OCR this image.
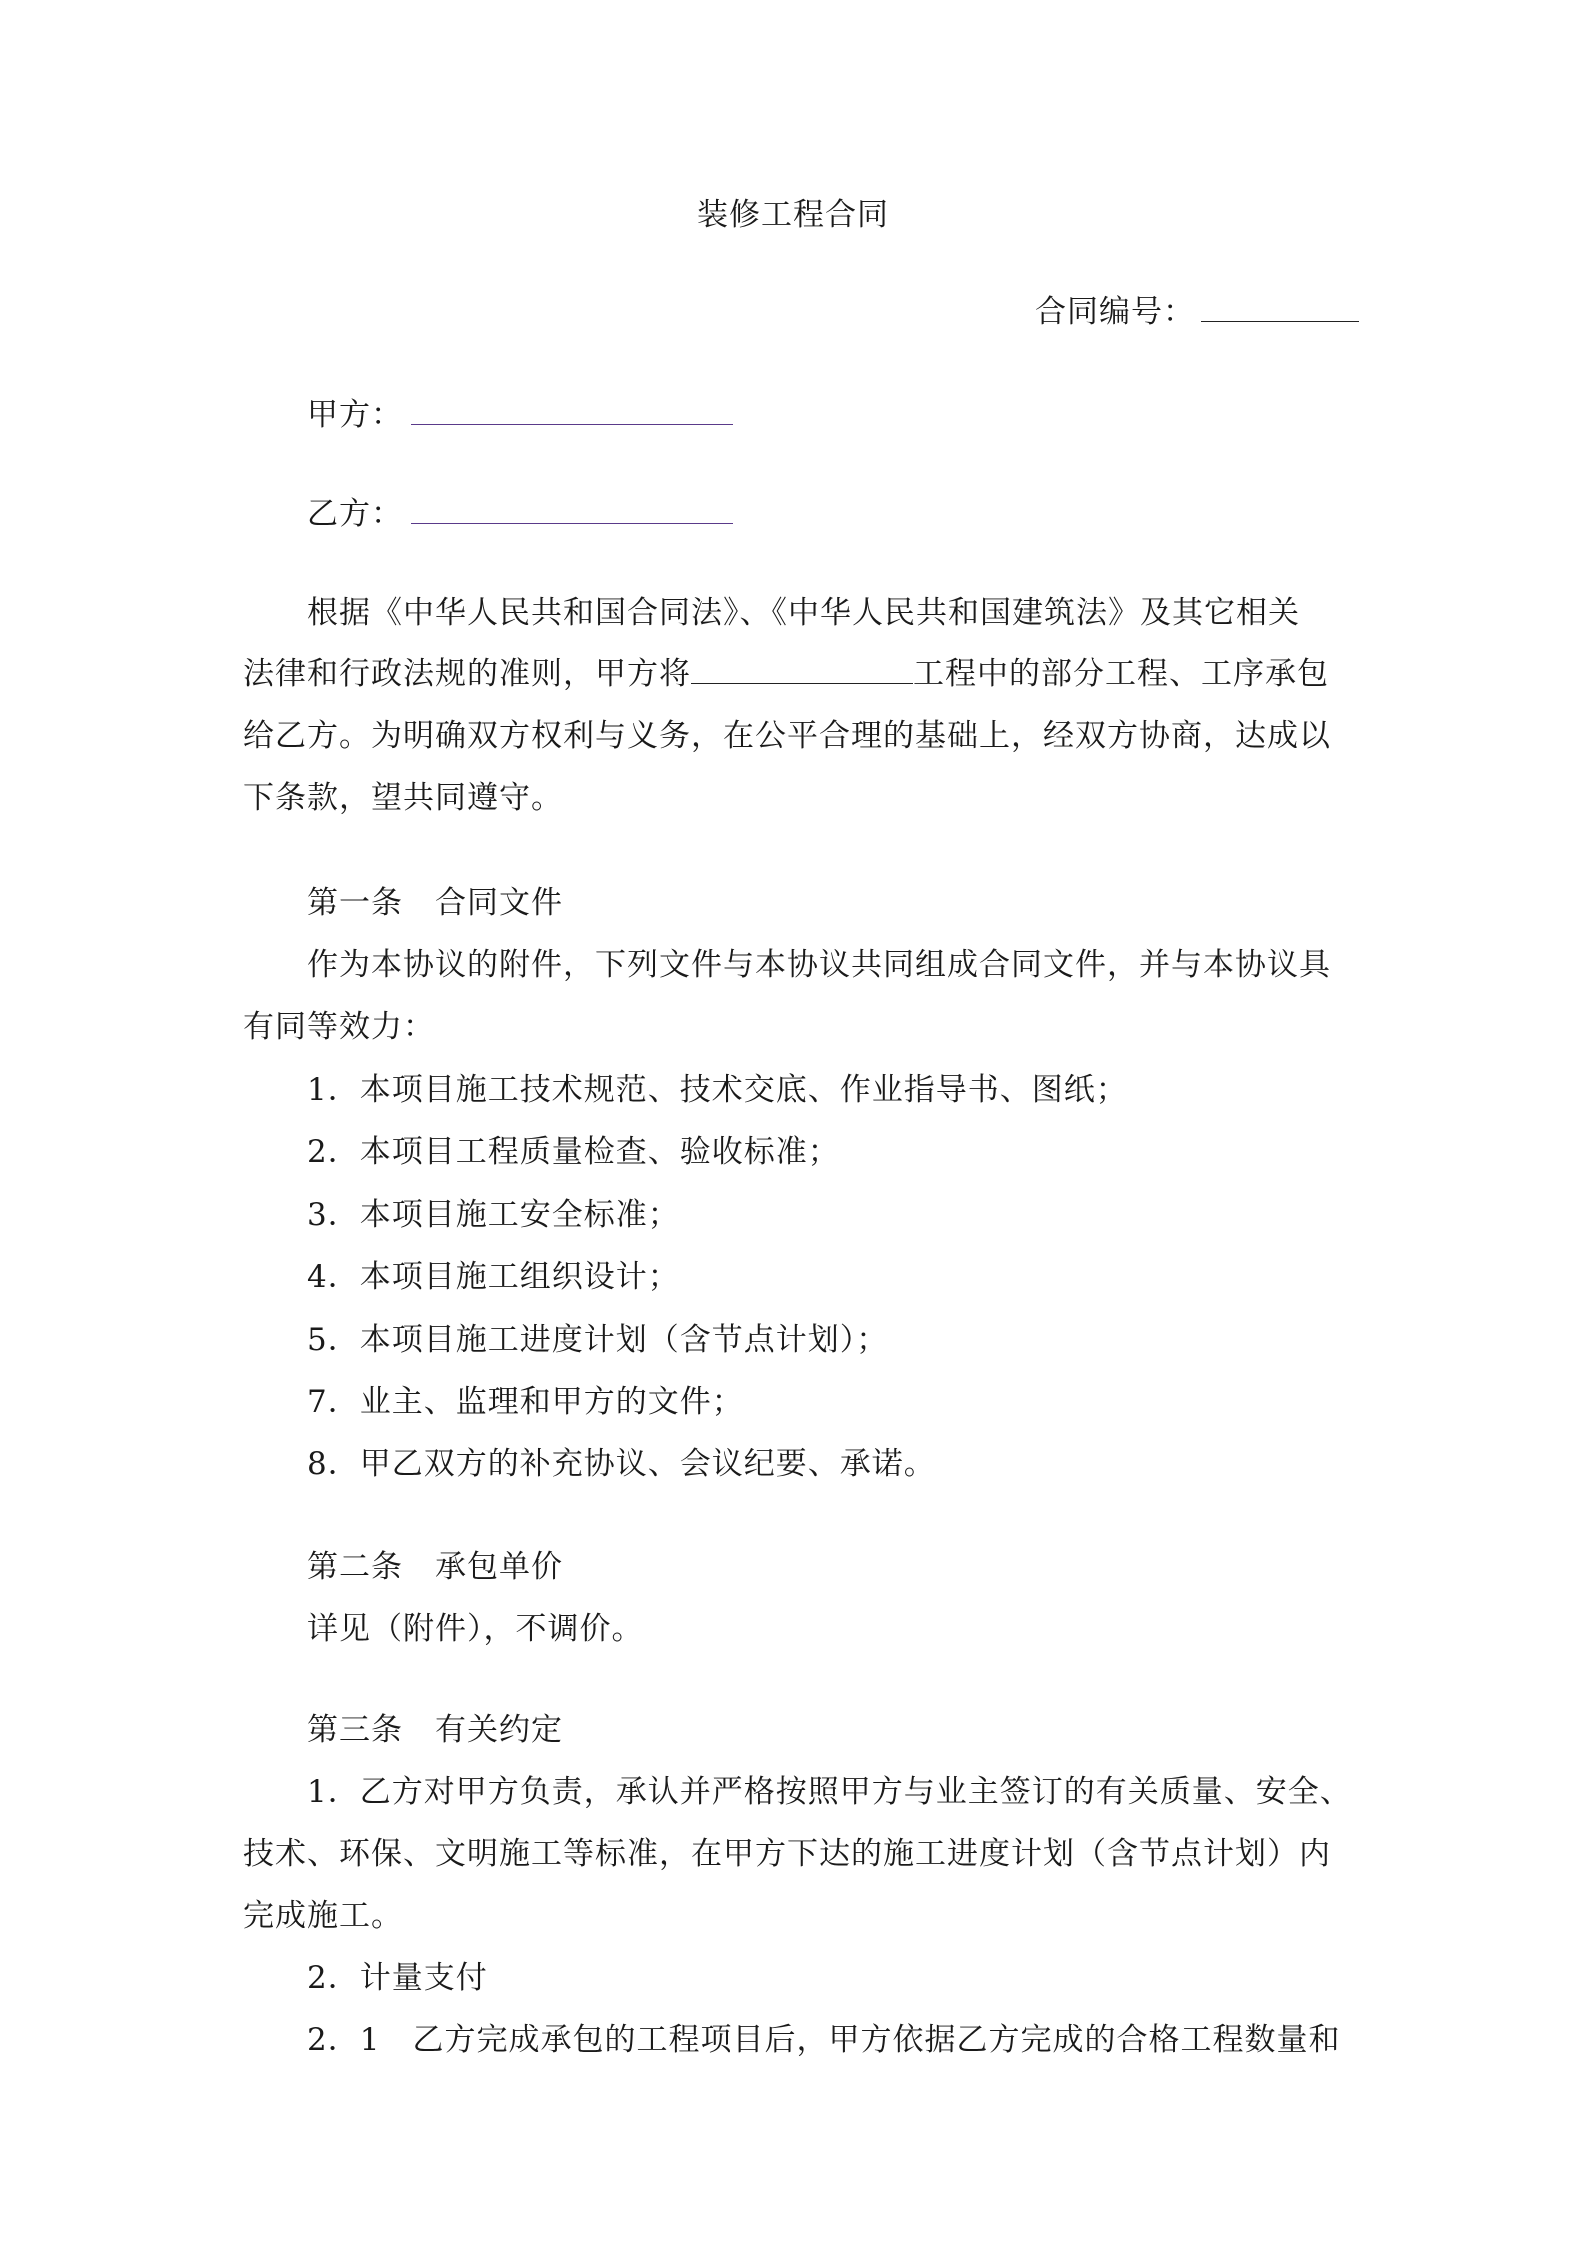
装修工程合同
合同编号：
甲方：
乙方：
根据《中华人民共和国合同法》、《中华人民共和国建筑法》及其它相关
法律和行政法规的准则，甲方将	工程中的部分工程、工序承包
给乙方。为明确双方权利与义务，在公平合理的基础上，经双方协商，达成以
下条款，望共同遵守。
第一条　合同文件
作为本协议的附件，下列文件与本协议共同组成合同文件，并与本协议具
有同等效力：
1．本项目施工技术规范、技术交底、作业指导书、图纸；
2．本项目工程质量检查、验收标准；
3．本项目施工安全标准；
4．本项目施工组织设计；
5．本项目施工进度计划（含节点计划）；
7．业主、监理和甲方的文件；
8．甲乙双方的补充协议、会议纪要、承诺。
第二条　承包单价
详见（附件），不调价。
第三条　有关约定
1．乙方对甲方负责，承认并严格按照甲方与业主签订的有关质量、安全、
技术、环保、文明施工等标准，在甲方下达的施工进度计划（含节点计划）内
完成施工。
2．计量支付
2．1　乙方完成承包的工程项目后，甲方依据乙方完成的合格工程数量和
